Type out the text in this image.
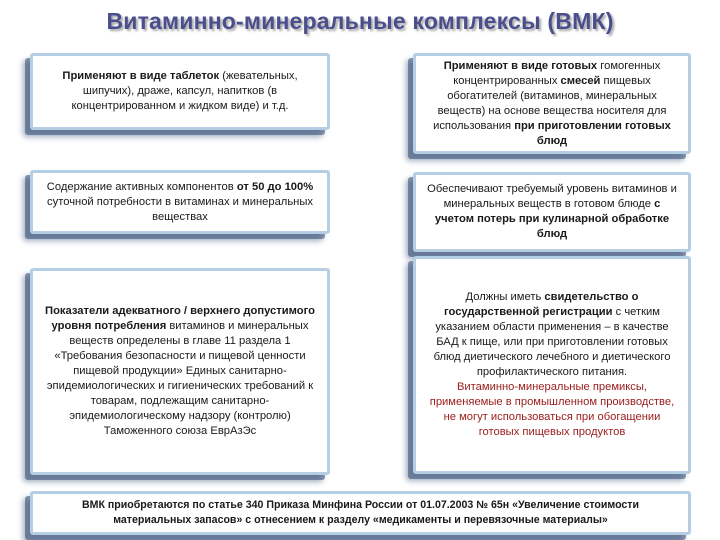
Витаминно-минеральные комплексы (ВМК)

Применяют в виде таблеток (жевательных, шипучих), драже, капсул, напитков (в концентрированном и жидком виде) и т.д.

Применяют в виде готовых гомогенных концентрированных смесей пищевых обогатителей (витаминов, минеральных веществ) на основе вещества носителя для использования при приготовлении готовых блюд

Содержание активных компонентов от 50 до 100% суточной потребности в витаминах и минеральных веществах

Обеспечивают требуемый уровень витаминов и минеральных веществ в готовом блюде с учетом потерь при кулинарной обработке блюд

Показатели адекватного / верхнего допустимого уровня потребления витаминов и минеральных веществ определены в главе 11 раздела 1 «Требования безопасности и пищевой ценности пищевой продукции» Единых санитарно-эпидемиологических и гигиенических требований к товарам, подлежащим санитарно-эпидемиологическому надзору (контролю) Таможенного союза ЕврАзЭс

Должны иметь свидетельство о государственной регистрации с четким указанием области применения – в качестве БАД к пище, или при приготовлении готовых блюд диетического лечебного и диетического профилактического питания.

Витаминно-минеральные премиксы, применяемые в промышленном производстве, не могут использоваться при обогащении готовых пищевых продуктов

ВМК приобретаются по статье 340 Приказа Минфина России от 01.07.2003 № 65н «Увеличение стоимости материальных запасов» с отнесением к разделу «медикаменты и перевязочные материалы»
